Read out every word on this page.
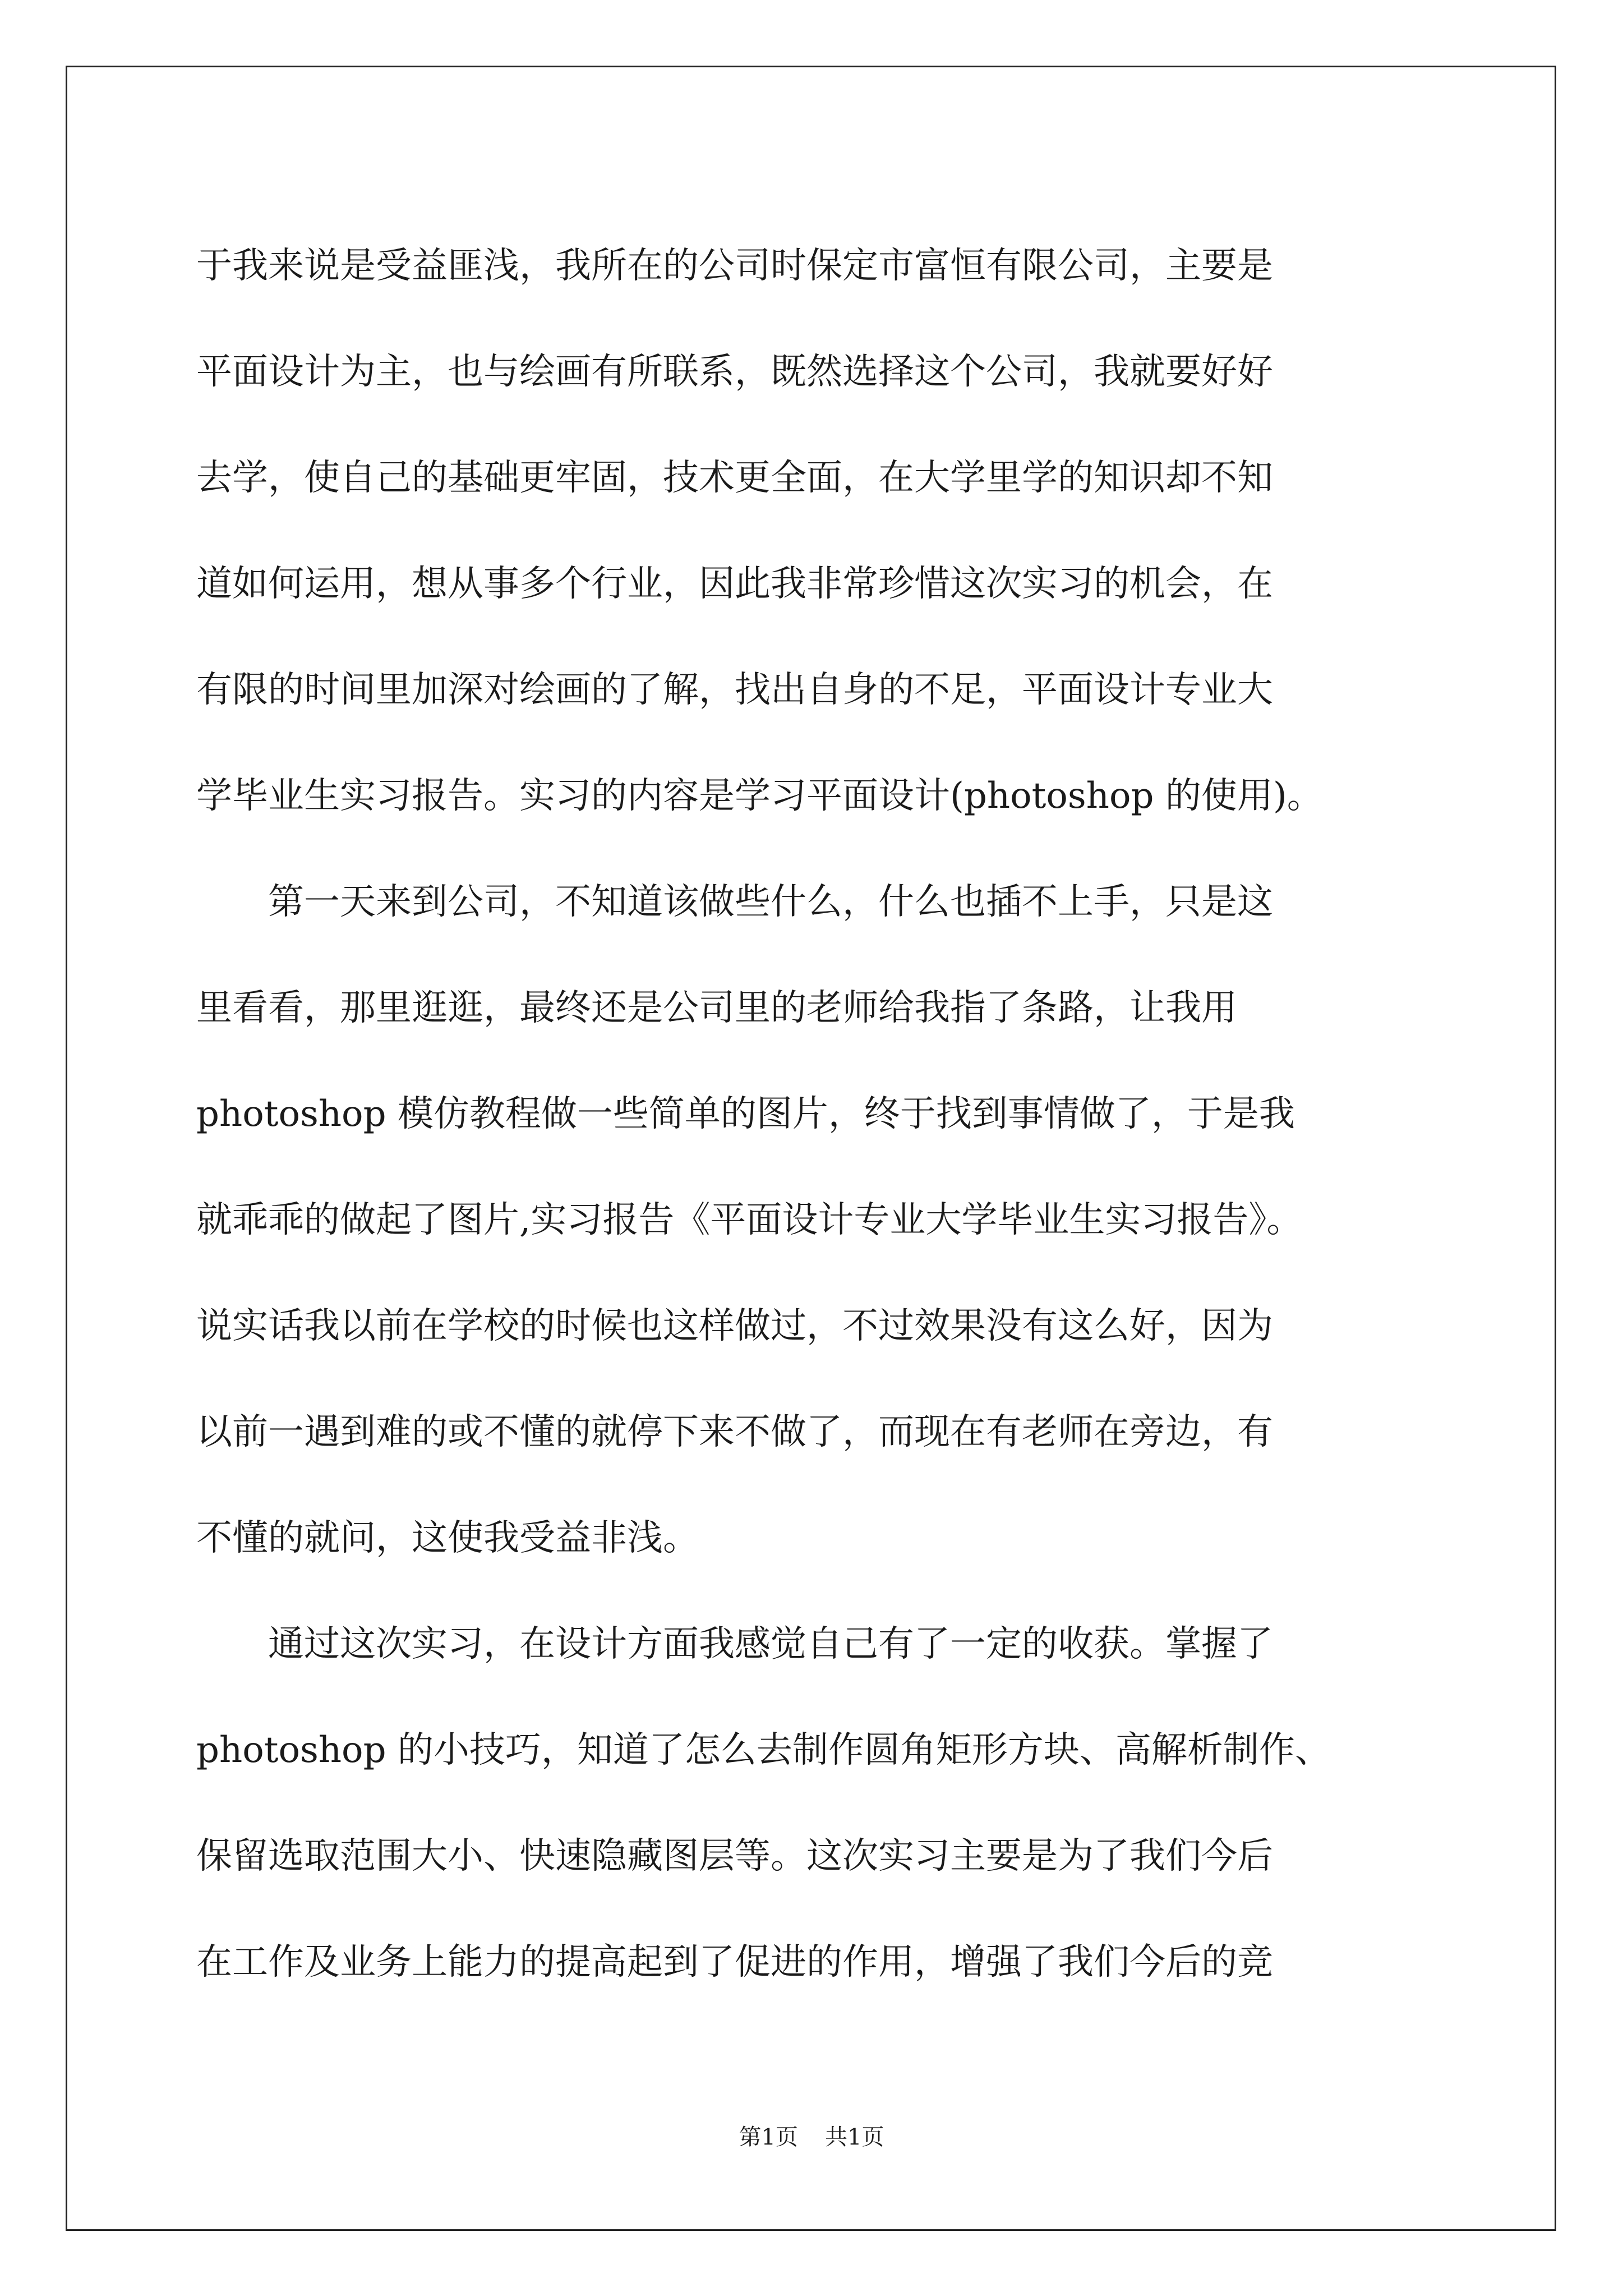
于我来说是受益匪浅，我所在的公司时保定市富恒有限公司，主要是
平面设计为主，也与绘画有所联系，既然选择这个公司，我就要好好
去学，使自己的基础更牢固，技术更全面，在大学里学的知识却不知
道如何运用，想从事多个行业，因此我非常珍惜这次实习的机会，在
有限的时间里加深对绘画的了解，找出自身的不足，平面设计专业大
学毕业生实习报告。实习的内容是学习平面设计(photoshop 的使用)。
　　第一天来到公司，不知道该做些什么，什么也插不上手，只是这
里看看，那里逛逛，最终还是公司里的老师给我指了条路，让我用
photoshop 模仿教程做一些简单的图片，终于找到事情做了，于是我
就乖乖的做起了图片,实习报告《平面设计专业大学毕业生实习报告》。
说实话我以前在学校的时候也这样做过，不过效果没有这么好，因为
以前一遇到难的或不懂的就停下来不做了，而现在有老师在旁边，有
不懂的就问，这使我受益非浅。
　　通过这次实习，在设计方面我感觉自己有了一定的收获。掌握了
photoshop 的小技巧，知道了怎么去制作圆角矩形方块、高解析制作、
保留选取范围大小、快速隐藏图层等。这次实习主要是为了我们今后
在工作及业务上能力的提高起到了促进的作用，增强了我们今后的竞
第1页 共1页
